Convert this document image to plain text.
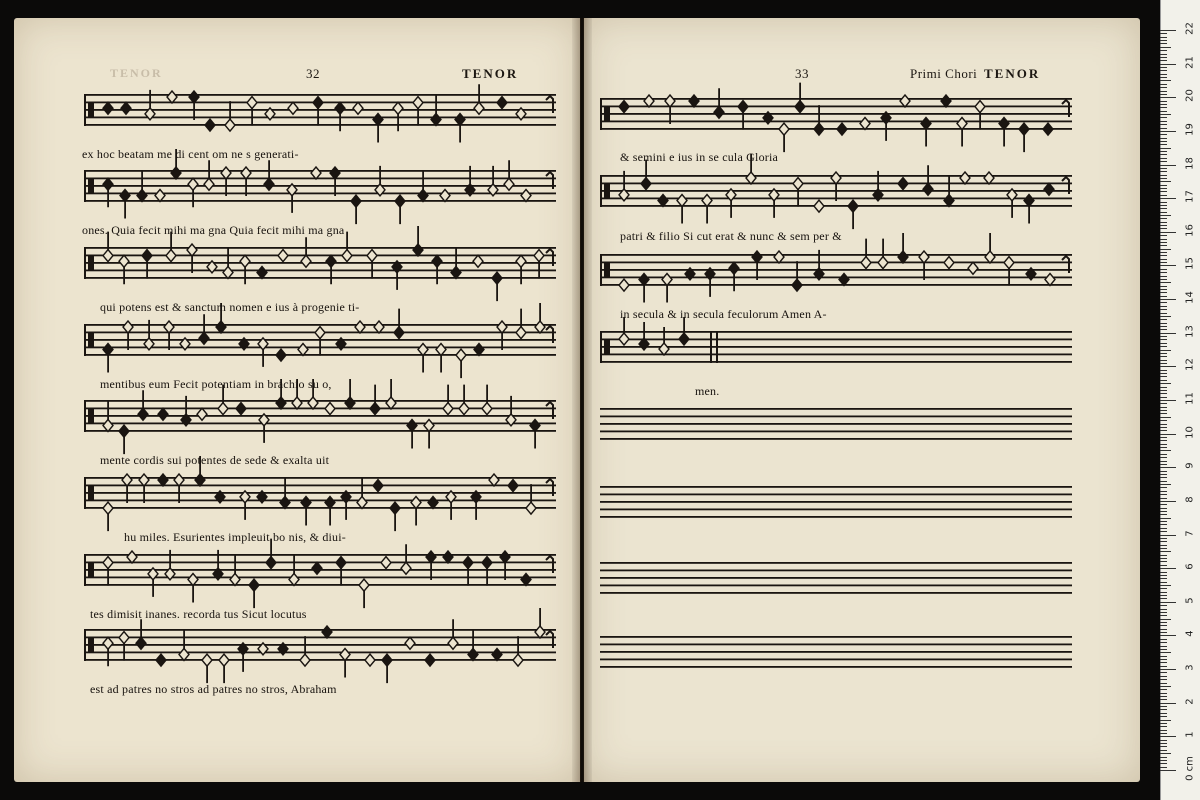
TENOR	32	TENOR	33	Primi Chori TENOR
ex hoc beatam me di cent om ne s generati-
ones. Quia fecit mihi ma gna Quia fecit mihi ma gna
qui potens est & sanctum nomen e ius à progenie ti-
mentibus eum Fecit potentiam in brachio su o,
mente cordis sui potentes de sede & exalta uit
hu miles. Esurientes impleuit bo nis, & diui-
tes dimisit inanes. recorda tus Sicut locutus
est ad patres no stros ad patres no stros, Abraham
& semini e ius in se cula Gloria
patri & filio Si cut erat & nunc & sem per &
in secula & in secula feculorum Amen A-
men.
0 cm
1
2
3
4
5
6
7
8
9
10
11
12
13
14
15
16
17
18
19
20
21
22
